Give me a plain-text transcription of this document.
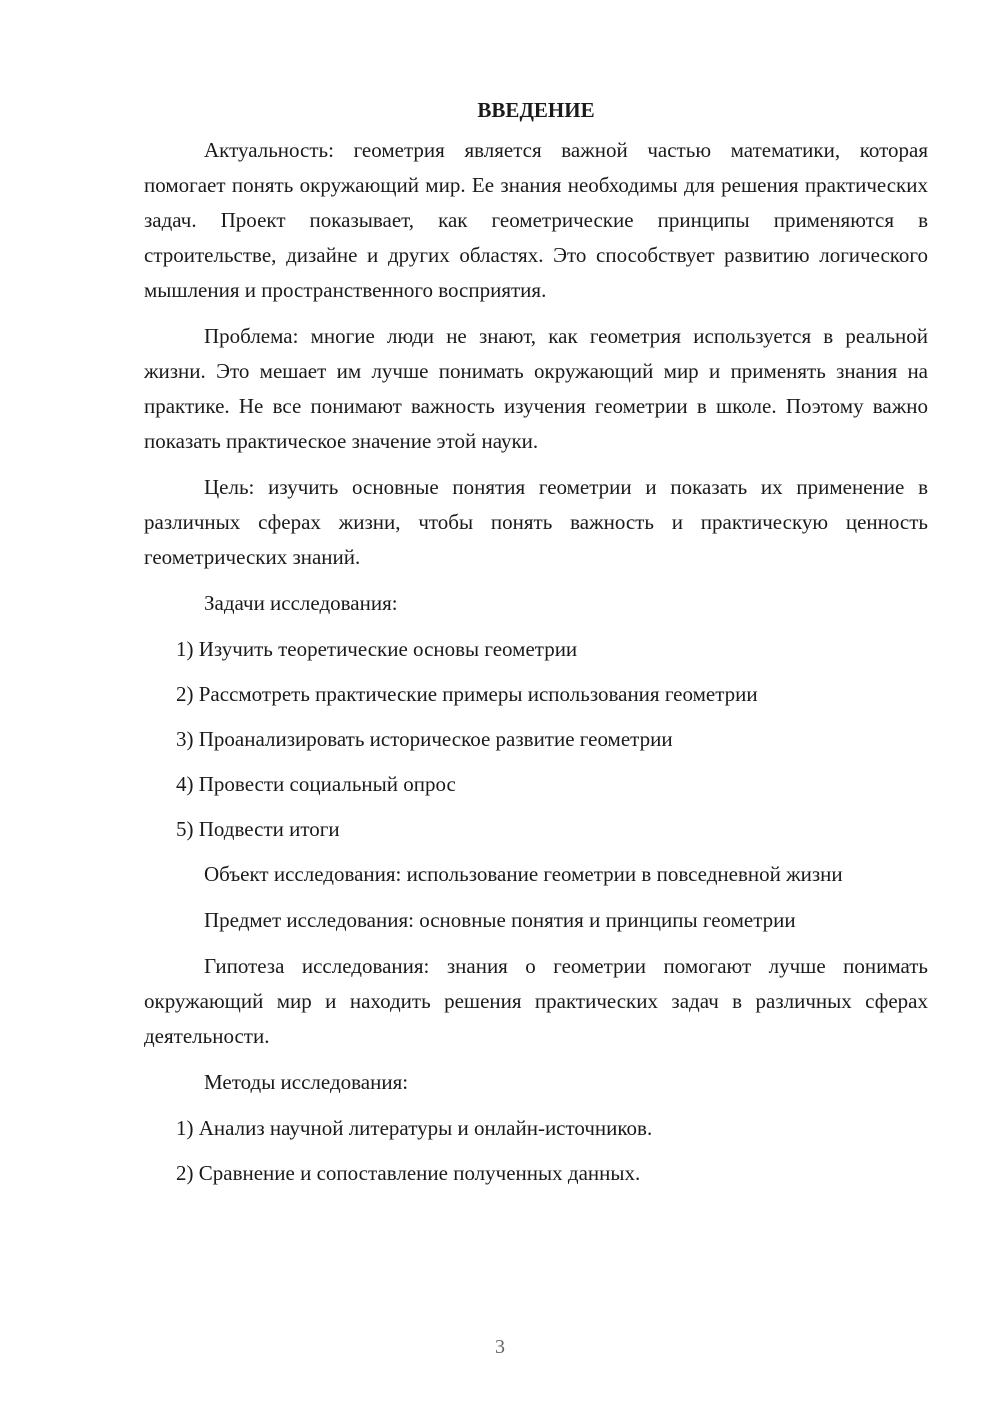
ВВЕДЕНИЕ

Актуальность: геометрия является важной частью математики, которая помогает понять окружающий мир. Ее знания необходимы для решения практических задач. Проект показывает, как геометрические принципы применяются в строительстве, дизайне и других областях. Это способствует развитию логического мышления и пространственного восприятия.

Проблема: многие люди не знают, как геометрия используется в реальной жизни. Это мешает им лучше понимать окружающий мир и применять знания на практике. Не все понимают важность изучения геометрии в школе. Поэтому важно показать практическое значение этой науки.

Цель: изучить основные понятия геометрии и показать их применение в различных сферах жизни, чтобы понять важность и практическую ценность геометрических знаний.

Задачи исследования:

1) Изучить теоретические основы геометрии

2) Рассмотреть практические примеры использования геометрии

3) Проанализировать историческое развитие геометрии

4) Провести социальный опрос

5) Подвести итоги

Объект исследования: использование геометрии в повседневной жизни

Предмет исследования: основные понятия и принципы геометрии

Гипотеза исследования: знания о геометрии помогают лучше понимать окружающий мир и находить решения практических задач в различных сферах деятельности.

Методы исследования:

1) Анализ научной литературы и онлайн-источников.

2) Сравнение и сопоставление полученных данных.

3
